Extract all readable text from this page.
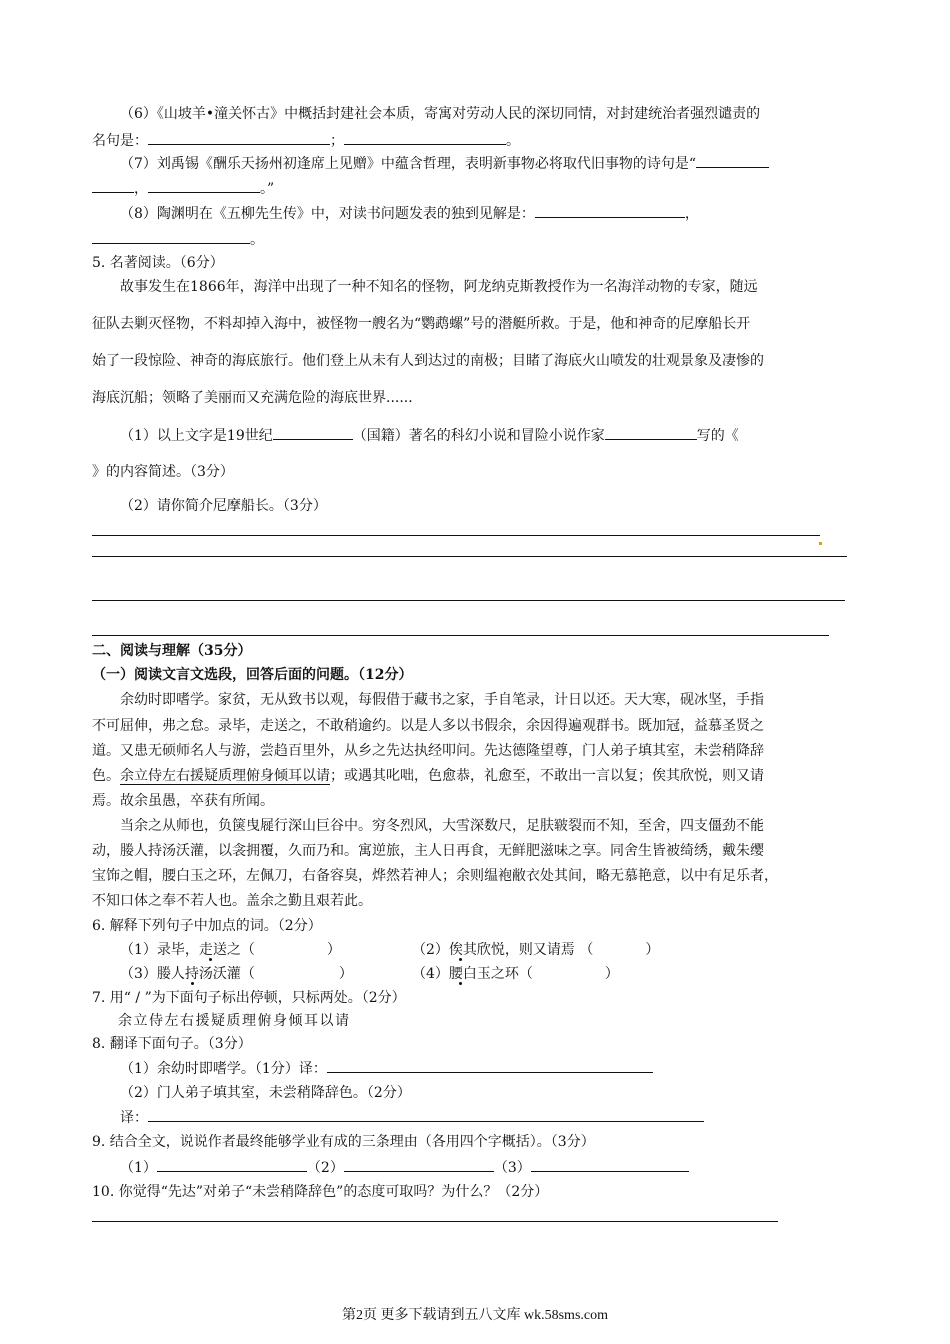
（6）《山坡羊•潼关怀古》中概括封建社会本质，寄寓对劳动人民的深切同情，对封建统治者强烈谴责的
名句是：	；	。
（7）刘禹锡《酬乐天扬州初逢席上见赠》中蕴含哲理，表明新事物必将取代旧事物的诗句是“
，	。”
（8）陶渊明在《五柳先生传》中，对读书问题发表的独到见解是：	，
。
5. 名著阅读。（6分）
故事发生在1866年，海洋中出现了一种不知名的怪物，阿龙纳克斯教授作为一名海洋动物的专家，随远
征队去剿灭怪物，不料却掉入海中，被怪物一艘名为“鹦鹉螺”号的潜艇所救。于是，他和神奇的尼摩船长开
始了一段惊险、神奇的海底旅行。他们登上从未有人到达过的南极；目睹了海底火山喷发的壮观景象及凄惨的
海底沉船；领略了美丽而又充满危险的海底世界......
（1）以上文字是19世纪	（国籍）著名的科幻小说和冒险小说作家	写的《
》的内容简述。（3分）
（2）请你简介尼摩船长。（3分）
二、阅读与理解（35分）
（一）阅读文言文选段，回答后面的问题。（12分）
余幼时即嗜学。家贫，无从致书以观，每假借于藏书之家，手自笔录，计日以还。天大寒，砚冰坚，手指
不可屈伸，弗之怠。录毕，走送之，不敢稍逾约。以是人多以书假余，余因得遍观群书。既加冠，益慕圣贤之
道。又患无硕师名人与游，尝趋百里外，从乡之先达执经叩问。先达德隆望尊，门人弟子填其室，未尝稍降辞
色。余立侍左右援疑质理俯身倾耳以请；或遇其叱咄，色愈恭，礼愈至，不敢出一言以复；俟其欣悦，则又请
焉。故余虽愚，卒获有所闻。
当余之从师也，负箧曳屣行深山巨谷中。穷冬烈风，大雪深数尺，足肤皲裂而不知，至舍，四支僵劲不能
动，媵人持汤沃灌，以衾拥覆，久而乃和。寓逆旅，主人日再食，无鲜肥滋味之享。同舍生皆被绮绣，戴朱缨
宝饰之帽，腰白玉之环，左佩刀，右备容臭，烨然若神人；余则缊袍敝衣处其间，略无慕艳意，以中有足乐者，
不知口体之奉不若人也。盖余之勤且艰若此。
6. 解释下列句子中加点的词。（2分）
（1）录毕，走送之（	）	（2）俟其欣悦，则又请焉 （	）
（3）媵人持汤沃灌（	）	（4）腰白玉之环（	）
7. 用“ / ”为下面句子标出停顿，只标两处。（2分）
余立侍左右援疑质理俯身倾耳以请
8. 翻译下面句子。（3分）
（1）余幼时即嗜学。（1分）译：
（2）门人弟子填其室，未尝稍降辞色。（2分）
译：
9. 结合全文，说说作者最终能够学业有成的三条理由（各用四个字概括）。（3分）
（1）	（2）	（3）
10. 你觉得“先达”对弟子“未尝稍降辞色”的态度可取吗？为什么？（2分）
第2页 更多下载请到五八文库 wk.58sms.com
